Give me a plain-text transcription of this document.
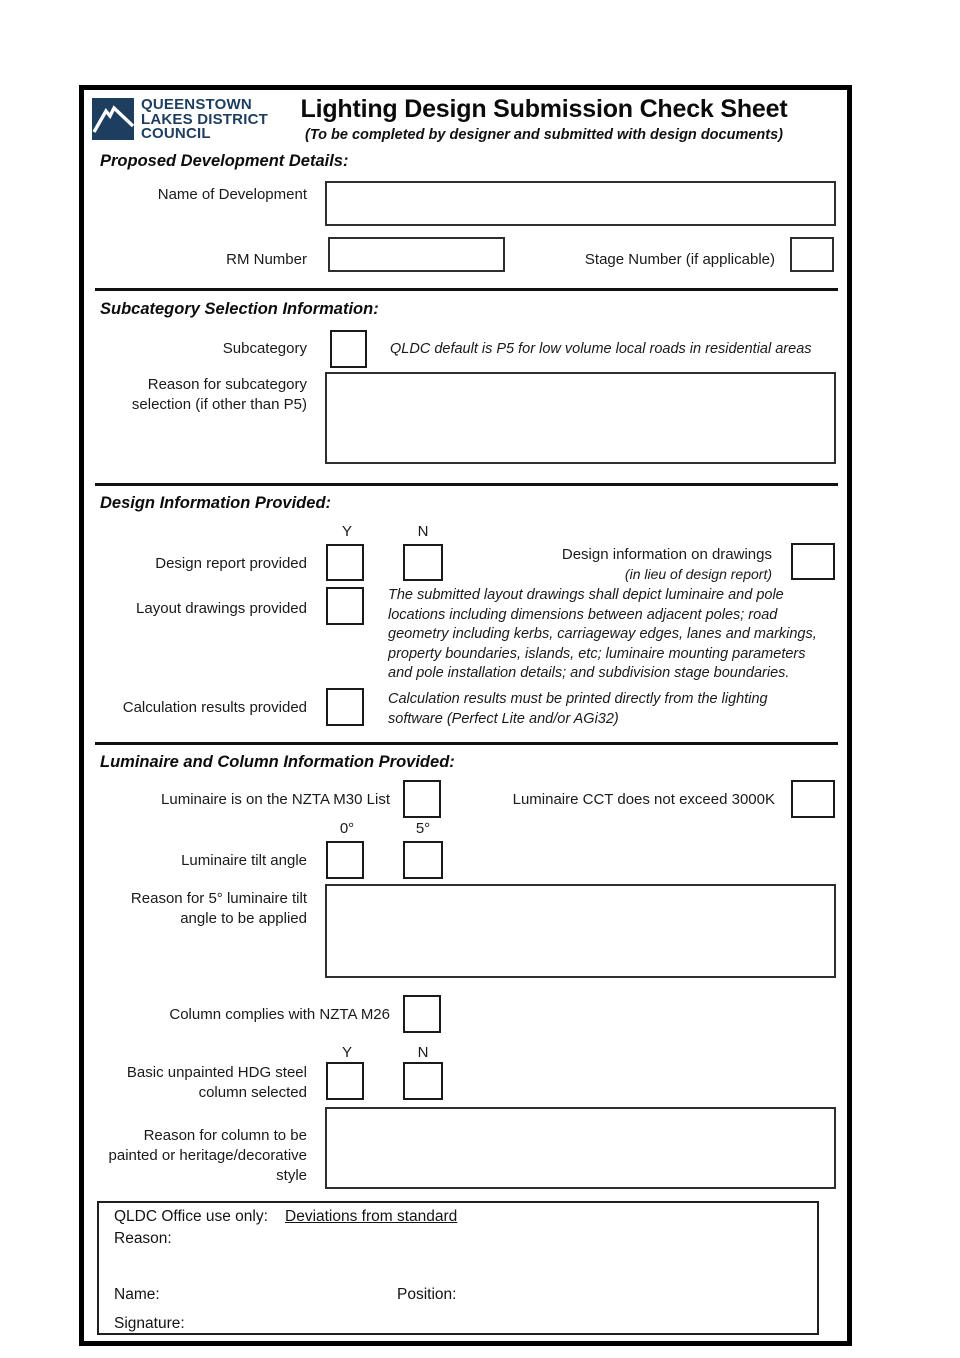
QUEENSTOWN
LAKES DISTRICT
COUNCIL
Lighting Design Submission Check Sheet
(To be completed by designer and submitted with design documents)
Proposed Development Details:
Name of Development
RM Number	Stage Number (if applicable)
Subcategory Selection Information:
Subcategory	QLDC default is P5 for low volume local roads in residential areas
Reason for subcategory selection (if other than P5)
Design Information Provided:
Y	N
Design report provided
Design information on drawings
(in lieu of design report)
Layout drawings provided
The submitted layout drawings shall depict luminaire and pole locations including dimensions between adjacent poles; road geometry including kerbs, carriageway edges, lanes and markings, property boundaries, islands, etc; luminaire mounting parameters and pole installation details; and subdivision stage boundaries.
Calculation results provided	Calculation results must be printed directly from the lighting software (Perfect Lite and/or AGi32)
Luminaire and Column Information Provided:
Luminaire is on the NZTA M30 List	Luminaire CCT does not exceed 3000K
0°	5°
Luminaire tilt angle
Reason for 5° luminaire tilt angle to be applied
Column complies with NZTA M26
Y	N
Basic unpainted HDG steel column selected
Reason for column to be painted or heritage/decorative style
QLDC Office use only: Deviations from standard
Reason:
Name:	Position:
Signature:
